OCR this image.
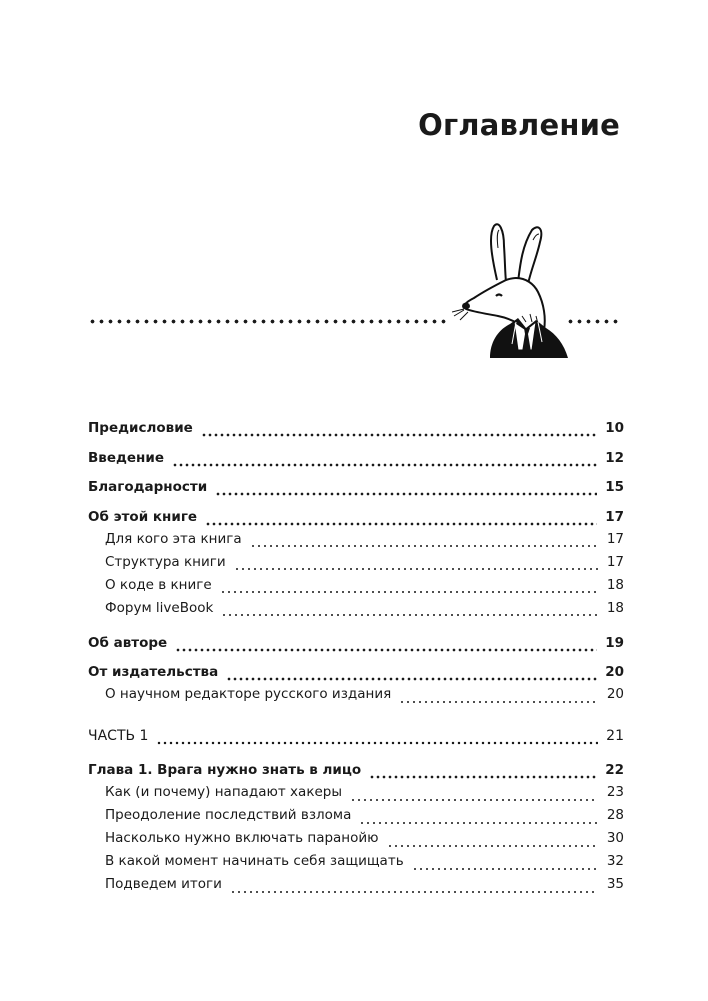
Оглавление
Предисловие	10
Введение	12
Благодарности	15
Об этой книге	17
Для кого эта книга	17
Структура книги	17
О коде в книге	18
Форум liveBook	18
Об авторе	19
От издательства	20
О научном редакторе русского издания	20
ЧАСТЬ 1	21
Глава 1. Врага нужно знать в лицо	22
Как (и почему) нападают хакеры	23
Преодоление последствий взлома	28
Насколько нужно включать паранойю	30
В какой момент начинать себя защищать	32
Подведем итоги	35
